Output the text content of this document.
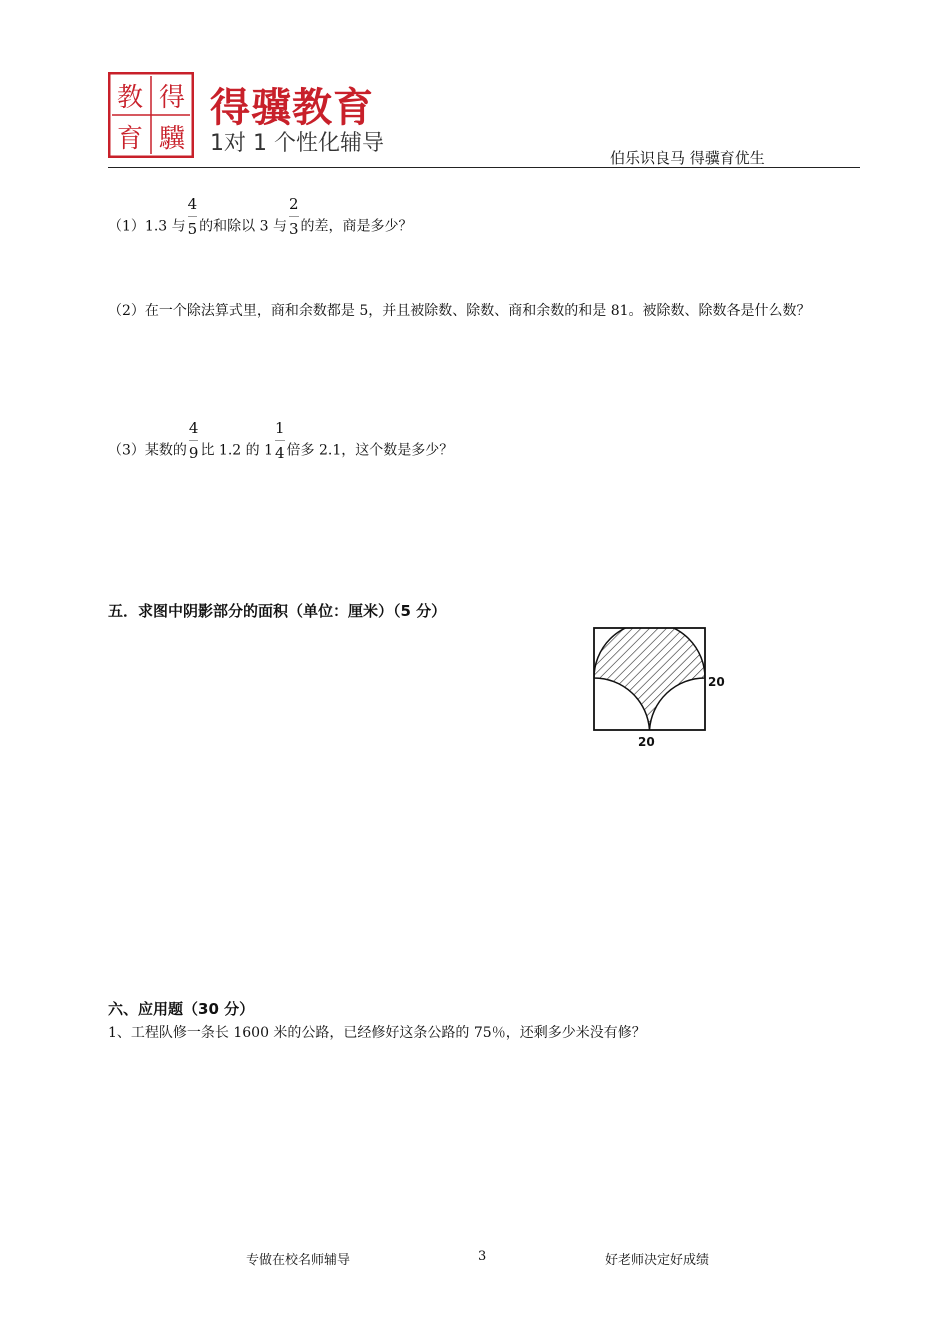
教 得
育 驥
得骥教育
1对 1 个性化辅导
伯乐识良马 得骥育优生
（1）1.3 与 $\frac{4}{5}$ 的和除以 3 与 $\frac{2}{3}$ 的差，商是多少？
（2）在一个除法算式里，商和余数都是 5，并且被除数、除数、商和余数的和是 81。被除数、除数各是什么数？
（3）某数的 $\frac{4}{9}$ 比 1.2 的 $1 \frac{1}{4}$ 倍多 2.1，这个数是多少？
五．求图中阴影部分的面积（单位：厘米）（5 分）
20
20
六、应用题（30 分）
1、工程队修一条长 1600 米的公路，已经修好这条公路的 75％，还剩多少米没有修？
专做在校名师辅导	3	好老师决定好成绩
